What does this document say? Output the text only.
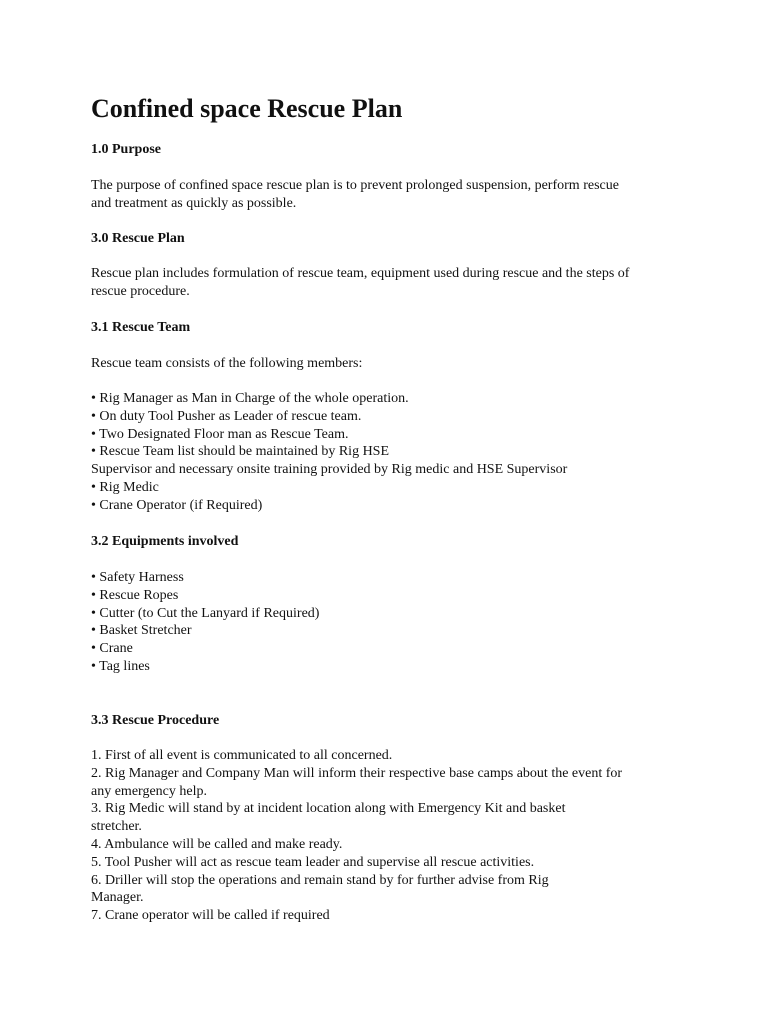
Confined space Rescue Plan
1.0 Purpose
The purpose of confined space rescue plan is to prevent prolonged suspension, perform rescue
and treatment as quickly as possible.
3.0 Rescue Plan
Rescue plan includes formulation of rescue team, equipment used during rescue and the steps of
rescue procedure.
3.1 Rescue Team

Rescue team consists of the following members:

• Rig Manager as Man in Charge of the whole operation.
• On duty Tool Pusher as Leader of rescue team.
• Two Designated Floor man as Rescue Team.
• Rescue Team list should be maintained by Rig HSE
Supervisor and necessary onsite training provided by Rig medic and HSE Supervisor
• Rig Medic
• Crane Operator (if Required)
3.2 Equipments involved
• Safety Harness
• Rescue Ropes
• Cutter (to Cut the Lanyard if Required)
• Basket Stretcher
• Crane
• Tag lines
3.3 Rescue Procedure
1. First of all event is communicated to all concerned.
2. Rig Manager and Company Man will inform their respective base camps about the event for
any emergency help.
3. Rig Medic will stand by at incident location along with Emergency Kit and basket
stretcher.
4. Ambulance will be called and make ready.
5. Tool Pusher will act as rescue team leader and supervise all rescue activities.
6. Driller will stop the operations and remain stand by for further advise from Rig
Manager.
7. Crane operator will be called if required
